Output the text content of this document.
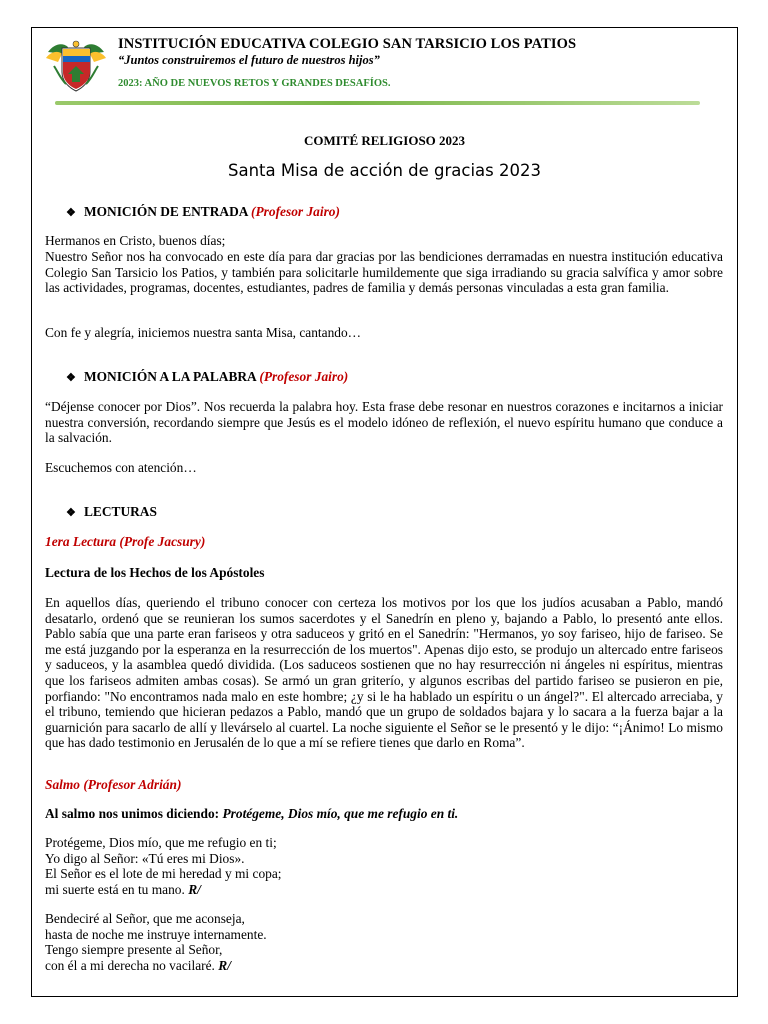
INSTITUCIÓN EDUCATIVA COLEGIO SAN TARSICIO LOS PATIOS
“Juntos construiremos el futuro de nuestros hijos”
2023: AÑO DE NUEVOS RETOS Y GRANDES DESAFÍOS.
COMITÉ RELIGIOSO 2023
Santa Misa de acción de gracias 2023
❖ MONICIÓN DE ENTRADA (Profesor Jairo)
Hermanos en Cristo, buenos días;
Nuestro Señor nos ha convocado en este día para dar gracias por las bendiciones derramadas en nuestra institución educativa Colegio San Tarsicio los Patios, y también para solicitarle humildemente que siga irradiando su gracia salvífica y amor sobre las actividades, programas, docentes, estudiantes, padres de familia y demás personas vinculadas a esta gran familia.
Con fe y alegría, iniciemos nuestra santa Misa, cantando…
❖ MONICIÓN A LA PALABRA (Profesor Jairo)
“Déjense conocer por Dios”. Nos recuerda la palabra hoy. Esta frase debe resonar en nuestros corazones e incitarnos a iniciar nuestra conversión, recordando siempre que Jesús es el modelo idóneo de reflexión, el nuevo espíritu humano que conduce a la salvación.
Escuchemos con atención…
❖ LECTURAS
1era Lectura (Profe Jacsury)
Lectura de los Hechos de los Apóstoles
En aquellos días, queriendo el tribuno conocer con certeza los motivos por los que los judíos acusaban a Pablo, mandó desatarlo, ordenó que se reunieran los sumos sacerdotes y el Sanedrín en pleno y, bajando a Pablo, lo presentó ante ellos. Pablo sabía que una parte eran fariseos y otra saduceos y gritó en el Sanedrín: "Hermanos, yo soy fariseo, hijo de fariseo. Se me está juzgando por la esperanza en la resurrección de los muertos". Apenas dijo esto, se produjo un altercado entre fariseos y saduceos, y la asamblea quedó dividida. (Los saduceos sostienen que no hay resurrección ni ángeles ni espíritus, mientras que los fariseos admiten ambas cosas). Se armó un gran griterío, y algunos escribas del partido fariseo se pusieron en pie, porfiando: "No encontramos nada malo en este hombre; ¿y si le ha hablado un espíritu o un ángel?". El altercado arreciaba, y el tribuno, temiendo que hicieran pedazos a Pablo, mandó que un grupo de soldados bajara y lo sacara a la fuerza bajar a la guarnición para sacarlo de allí y llevárselo al cuartel. La noche siguiente el Señor se le presentó y le dijo: “¡Ánimo! Lo mismo que has dado testimonio en Jerusalén de lo que a mí se refiere tienes que darlo en Roma”.
Salmo (Profesor Adrián)
Al salmo nos unimos diciendo: Protégeme, Dios mío, que me refugio en ti.
Protégeme, Dios mío, que me refugio en ti;
Yo digo al Señor: «Tú eres mi Dios».
El Señor es el lote de mi heredad y mi copa;
mi suerte está en tu mano. R/
Bendeciré al Señor, que me aconseja,
hasta de noche me instruye internamente.
Tengo siempre presente al Señor,
con él a mi derecha no vacilaré. R/
